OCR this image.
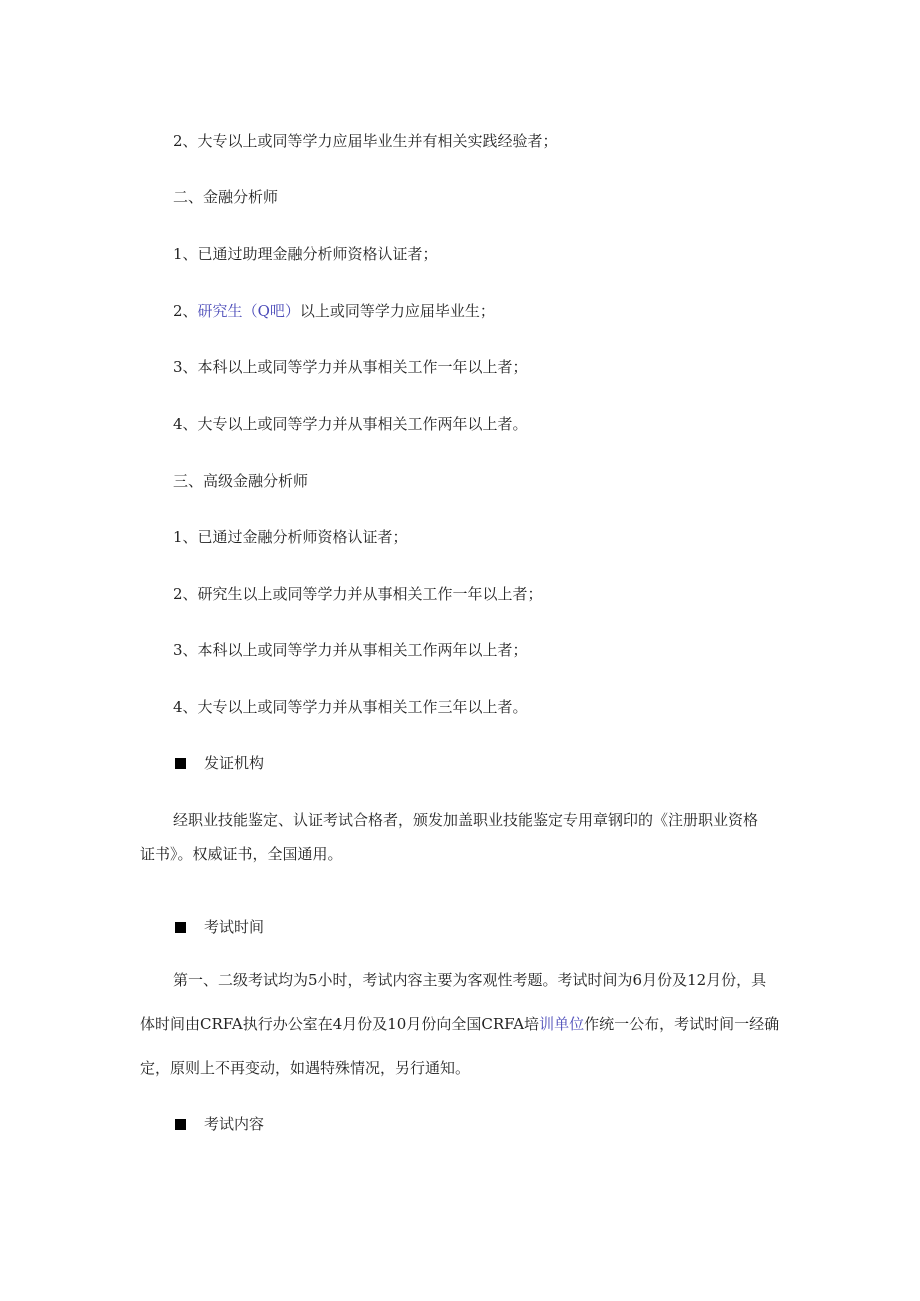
2、大专以上或同等学力应届毕业生并有相关实践经验者；
二、金融分析师
1、已通过助理金融分析师资格认证者；
2、研究生（Q吧）以上或同等学力应届毕业生；
3、本科以上或同等学力并从事相关工作一年以上者；
4、大专以上或同等学力并从事相关工作两年以上者。
三、高级金融分析师
1、已通过金融分析师资格认证者；
2、研究生以上或同等学力并从事相关工作一年以上者；
3、本科以上或同等学力并从事相关工作两年以上者；
4、大专以上或同等学力并从事相关工作三年以上者。
发证机构
经职业技能鉴定、认证考试合格者，颁发加盖职业技能鉴定专用章钢印的《注册职业资格
证书》。权威证书，全国通用。
考试时间
第一、二级考试均为5小时，考试内容主要为客观性考题。考试时间为6月份及12月份，具
体时间由CRFA执行办公室在4月份及10月份向全国CRFA培训单位作统一公布，考试时间一经确
定，原则上不再变动，如遇特殊情况，另行通知。
考试内容
